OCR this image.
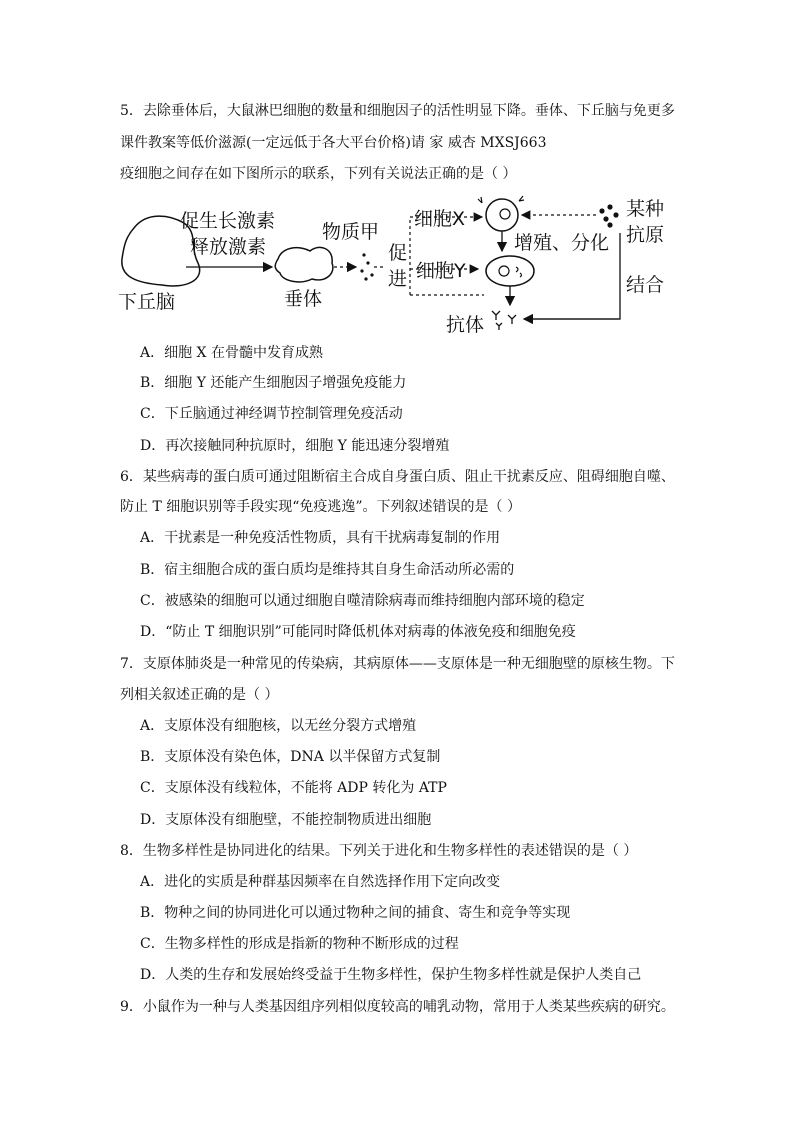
5．去除垂体后，大鼠淋巴细胞的数量和细胞因子的活性明显下降。垂体、下丘脑与免更多
课件教案等低价滋源(一定远低于各大平台价格)请 家 威杏 MXSJ663
疫细胞之间存在如下图所示的联系，下列有关说法正确的是（ ）
下丘脑
促生长激素
释放激素
垂体
物质甲
促
进
细胞X
增殖、分化
细胞Y
抗体
结合
某种
抗原
A．细胞 X 在骨髓中发育成熟
B．细胞 Y 还能产生细胞因子增强免疫能力
C．下丘脑通过神经调节控制管理免疫活动
D．再次接触同种抗原时，细胞 Y 能迅速分裂增殖
6．某些病毒的蛋白质可通过阻断宿主合成自身蛋白质、阻止干扰素反应、阻碍细胞自噬、
防止 T 细胞识别等手段实现“免疫逃逸”。下列叙述错误的是（ ）
A．干扰素是一种免疫活性物质，具有干扰病毒复制的作用
B．宿主细胞合成的蛋白质均是维持其自身生命活动所必需的
C．被感染的细胞可以通过细胞自噬清除病毒而维持细胞内部环境的稳定
D．“防止 T 细胞识别”可能同时降低机体对病毒的体液免疫和细胞免疫
7．支原体肺炎是一种常见的传染病，其病原体——支原体是一种无细胞壁的原核生物。下
列相关叙述正确的是（ ）
A．支原体没有细胞核，以无丝分裂方式增殖
B．支原体没有染色体，DNA 以半保留方式复制
C．支原体没有线粒体，不能将 ADP 转化为 ATP
D．支原体没有细胞壁，不能控制物质进出细胞
8．生物多样性是协同进化的结果。下列关于进化和生物多样性的表述错误的是（ ）
A．进化的实质是种群基因频率在自然选择作用下定向改变
B．物种之间的协同进化可以通过物种之间的捕食、寄生和竞争等实现
C．生物多样性的形成是指新的物种不断形成的过程
D．人类的生存和发展始终受益于生物多样性，保护生物多样性就是保护人类自己
9．小鼠作为一种与人类基因组序列相似度较高的哺乳动物，常用于人类某些疾病的研究。
